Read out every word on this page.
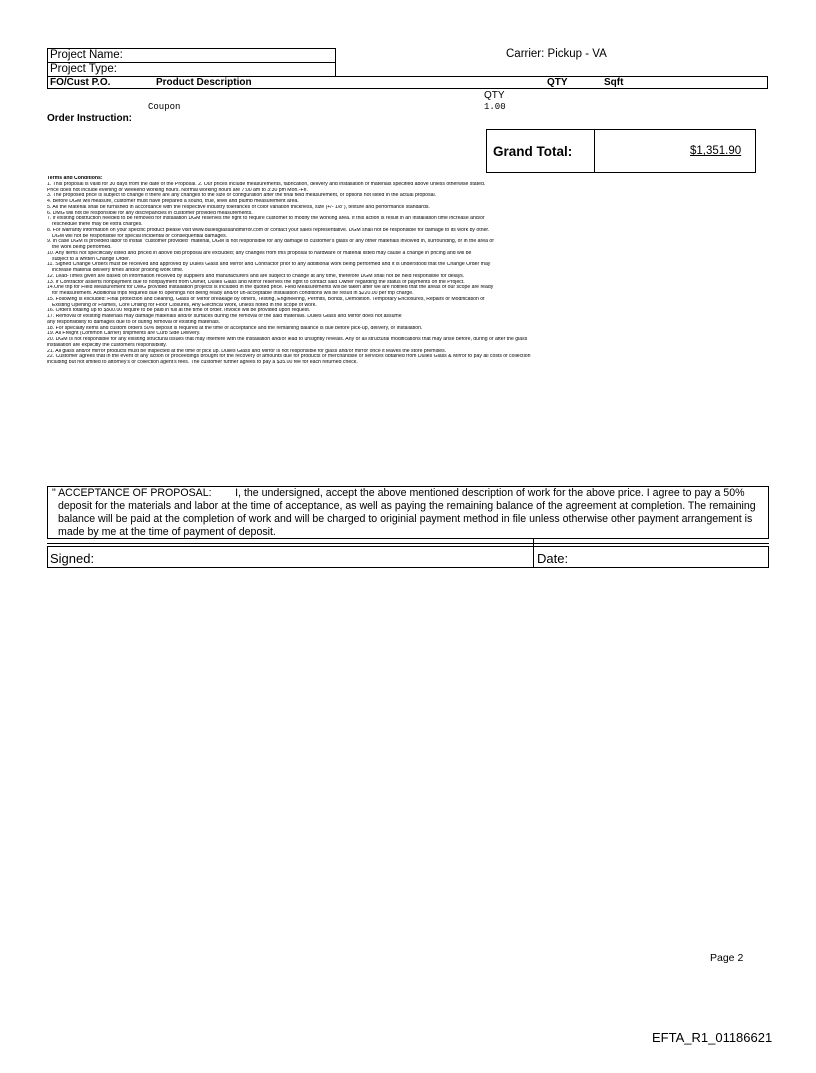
Project Name:
Project Type:
Carrier: Pickup - VA
FO/Cust P.O.	Product Description	QTY	Sqft
QTY
Coupon	1.00
Order Instruction:
Grand Total:	$1,351.90
Terms and Conditions:
1. This proposal is valid for 30 days from the date of the Proposal. 2. Our prices include measurements, fabrication, delivery and installation of materials specified above unless otherwise stated.
Price does not include evening or weekend working hours. Normal working hours are 7:00 am to 3:30 pm Mon.-Fri.
3. The proposed price is subject to change if there are any changes to the size or configuration after the final field measurement, or options not listed in the actual proposal.
4. Before DGM will measure, customer must have prepared a sound, true, level and plumb measurement area.
5. All the Material shall be furnished in accordance with the respective industry tolerances of color variation thickness, size (+/- 1/8"), texture and performance standards.
6. DMG will not be responsible for any discrepancies in customer provided measurements.
7. If existing obstruction needed to be removed for installation DGM reserves the right to require customer to modify the working area. If this action is result in an installation time increase and/or
reschedule there may be extra charges.
8. For warranty information on your specific product please visit www.dullesglassandmirror.com or contact your sales representative. DGM shall not be responsible for damage to its work by other.
DGM will not be responsible for special incidental or consequential damages.
9. In case DGM is provided labor to install "customer provided" material, DGM is not responsible for any damage to customer's glass or any other materials involved in, surrounding, or in the area of
the work being performed.
10. Any items not specifically listed and priced in above bid proposal are excluded; any changes from this proposal to hardware or material listed may cause a change in pricing and will be
subject to a written Change Order.
11. Signed Change Orders must be received and approved by Dulles Glass and Mirror and Contractor prior to any additional work being performed and it is understood that the Change Order may
increase material delivery times and/or prolong work time.
12. Lead-Times given are based on information received by suppliers and manufacturers and are subject to change at any time, therefore DGM shall not be held responsible for delays.
13. If Contractor asserts nonpayment due to nonpayment from Owner, Dulles Glass and Mirror reserves the right to contact said Owner regarding the status of payments on the Project.
14.One trip for Field Measurement for DMG provided installation projects is included in the quoted price. Field Measurements will be taken after we are notified that the areas of our scope are ready
for measurement. Additional trips required due to openings not being ready and/or un-acceptable installation conditions will be result in $220.00 per trip charge.
15. Following is excluded: Final protection and cleaning, Glass or Mirror breakage by others, Testing, Engineering, Permits, Bonds, Demolition. Temporary Enclosures, Repairs or Modification of
Existing Opening or Frames, Core Drilling for Floor Closures, Any Electrical Work, unless noted in the scope of work.
16. Orders totaling up to $500.00 require to be paid in full at the time of order. Invoice will be provided upon request.
17. Removal of existing materials may damage materials and/or surfaces during the removal of the said materials. Dulles Glass and Mirror does not assume
any responsibility to damages due to or during removal of existing materials.
18. For specialty items and custom orders 50% deposit is required at the time of acceptance and the remaining balance is due before pick-up, delivery, or installation.
19. All Freight (Common Carrier) shipments are Curb Side Delivery.
20. DGM Is not responsible for any existing structural issues that may interfere with the installation and/or lead to unsightly reveals. Any or all structural modifications that may arise before, during or after the glass
installation are explicitly the customers responsibility.
21. All glass and/or mirror products must be inspected at the time of pick up. Dulles Glass and Mirror is not responsible for glass and/or mirror once it leaves the store premises.
22. Customer agrees that in the event of any action or proceedings brought for the recovery of amounts due for products or merchandise or services obtained from Dulles Glass & Mirror to pay all costs of collection
including but not limited to attorney's or collection agent's fees. The customer further agrees to pay a $35.00 fee for each returned check.
" ACCEPTANCE OF PROPOSAL:        I, the undersigned, accept the above mentioned description of work for the above price. I agree to pay a 50%
deposit for the materials and labor at the time of acceptance, as well as paying the remaining balance of the agreement at completion. The remaining
balance will be paid at the completion of work and will be charged to originial payment method in file unless otherwise other payment arrangement is
made by me at the time of payment of deposit.
Signed:	Date:
Page 2
EFTA_R1_01186621
